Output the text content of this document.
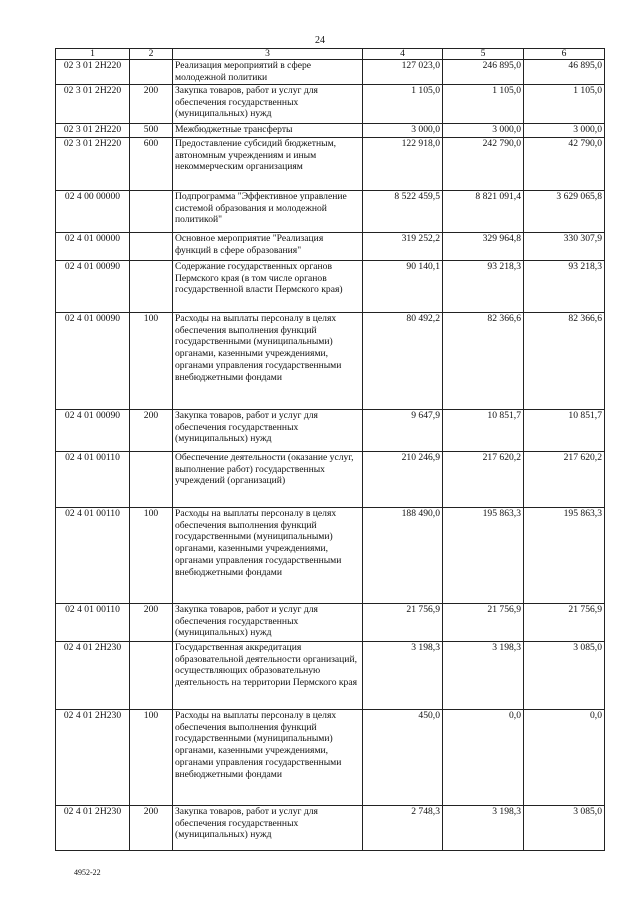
24
1	2	3	4	5	6
02 3 01 2Н220		Реализация мероприятий в сфере молодежной политики	127 023,0	246 895,0	46 895,0
02 3 01 2Н220	200	Закупка товаров, работ и услуг для обеспечения государственных (муниципальных) нужд	1 105,0	1 105,0	1 105,0
02 3 01 2Н220	500	Межбюджетные трансферты	3 000,0	3 000,0	3 000,0
02 3 01 2Н220	600	Предоставление субсидий бюджетным, автономным учреждениям и иным некоммерческим организациям	122 918,0	242 790,0	42 790,0
02 4 00 00000		Подпрограмма "Эффективное управление системой образования и молодежной политикой"	8 522 459,5	8 821 091,4	3 629 065,8
02 4 01 00000		Основное мероприятие "Реализация функций в сфере образования"	319 252,2	329 964,8	330 307,9
02 4 01 00090		Содержание государственных органов Пермского края (в том числе органов государственной власти Пермского края)	90 140,1	93 218,3	93 218,3
02 4 01 00090	100	Расходы на выплаты персоналу в целях обеспечения выполнения функций государственными (муниципальными) органами, казенными учреждениями, органами управления государственными внебюджетными фондами	80 492,2	82 366,6	82 366,6
02 4 01 00090	200	Закупка товаров, работ и услуг для обеспечения государственных (муниципальных) нужд	9 647,9	10 851,7	10 851,7
02 4 01 00110		Обеспечение деятельности (оказание услуг, выполнение работ) государственных учреждений (организаций)	210 246,9	217 620,2	217 620,2
02 4 01 00110	100	Расходы на выплаты персоналу в целях обеспечения выполнения функций государственными (муниципальными) органами, казенными учреждениями, органами управления государственными внебюджетными фондами	188 490,0	195 863,3	195 863,3
02 4 01 00110	200	Закупка товаров, работ и услуг для обеспечения государственных (муниципальных) нужд	21 756,9	21 756,9	21 756,9
02 4 01 2Н230		Государственная аккредитация образовательной деятельности организаций, осуществляющих образовательную деятельность на территории Пермского края	3 198,3	3 198,3	3 085,0
02 4 01 2Н230	100	Расходы на выплаты персоналу в целях обеспечения выполнения функций государственными (муниципальными) органами, казенными учреждениями, органами управления государственными внебюджетными фондами	450,0	0,0	0,0
02 4 01 2Н230	200	Закупка товаров, работ и услуг для обеспечения государственных (муниципальных) нужд	2 748,3	3 198,3	3 085,0
4952-22
